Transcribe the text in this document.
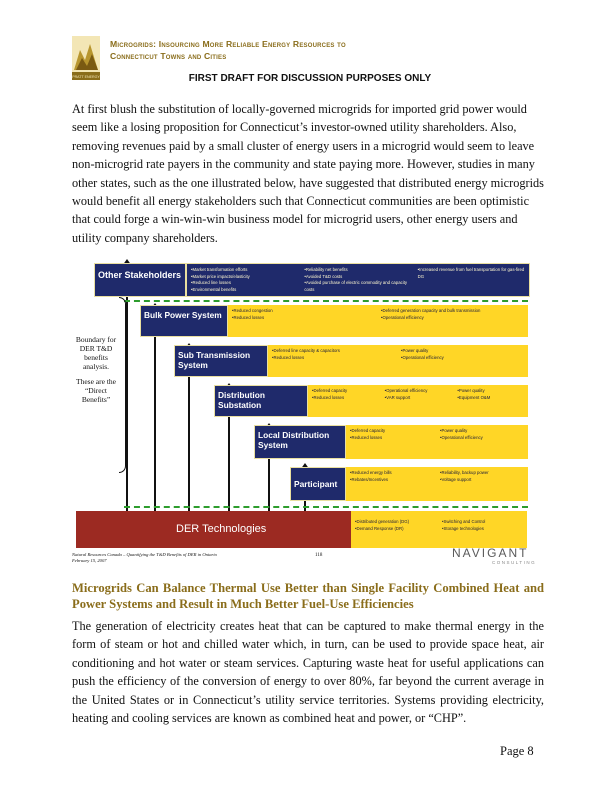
PRATT ENERGY
Microgrids: Insourcing More Reliable Energy Resources to
Connecticut Towns and Cities
FIRST DRAFT FOR DISCUSSION PURPOSES ONLY
At first blush the substitution of locally-governed microgrids for imported grid power would seem like a losing proposition for Connecticut’s investor-owned utility shareholders. Also, removing revenues paid by a small cluster of energy users in a microgrid would seem to leave non-microgrid rate payers in the community and state paying more. However, studies in many other states, such as the one illustrated below, have suggested that distributed energy microgrids would benefit all energy stakeholders such that Connecticut communities are been optimistic that could forge a win-win-win business model for microgrid users, other energy users and utility company shareholders.
Other Stakeholders
• Market transformation efforts
• Market price impacts/elasticity
• Reduced line losses
• Environmental benefits
• Reliability net benefits
• Avoided T&D costs
• Avoided purchase of electric commodity and capacity costs
• Increased revenue from fuel transportation for gas-fired DG
Bulk Power System
•	Reduced congestion
• Reduced losses
• Deferred generation capacity and bulk transmission
• Operational efficiency
Sub Transmission System
• Deferred line capacity & capacitors
• Reduced losses
• Power quality
• Operational efficiency
Distribution Substation
• Deferred capacity
• Reduced losses
• Operational efficiency
• VAR support
• Power quality
• Equipment O&M
Local Distribution System
• Deferred capacity
• Reduced losses
• Power quality
• Operational efficiency
Participant
• Reduced energy bills
• Rebates/Incentives
• Reliability, backup power
• Voltage support
DER Technologies
• Distributed generation (DG)
• Demand Response (DR)
• Switching and Control
• Storage technologies
Boundary for DER T&D benefits analysis.
These are the “Direct Benefits”
Natural Resources Canada – Quantifying the T&D Benefits of DER in Ontario
February 15, 2007
118	NAVIGANT
CONSULTING
Microgrids Can Balance Thermal Use Better than Single Facility Combined Heat and Power Systems and Result in Much Better Fuel-Use Efficiencies
The generation of electricity creates heat that can be captured to make thermal energy in the form of steam or hot and chilled water which, in turn, can be used to provide space heat, air conditioning and hot water or steam services. Capturing waste heat for useful applications can push the efficiency of the conversion of energy to over 80%, far beyond the current average in the United States or in Connecticut’s utility service territories. Systems providing electricity, heating and cooling services are known as combined heat and power, or “CHP”.
Page 8
